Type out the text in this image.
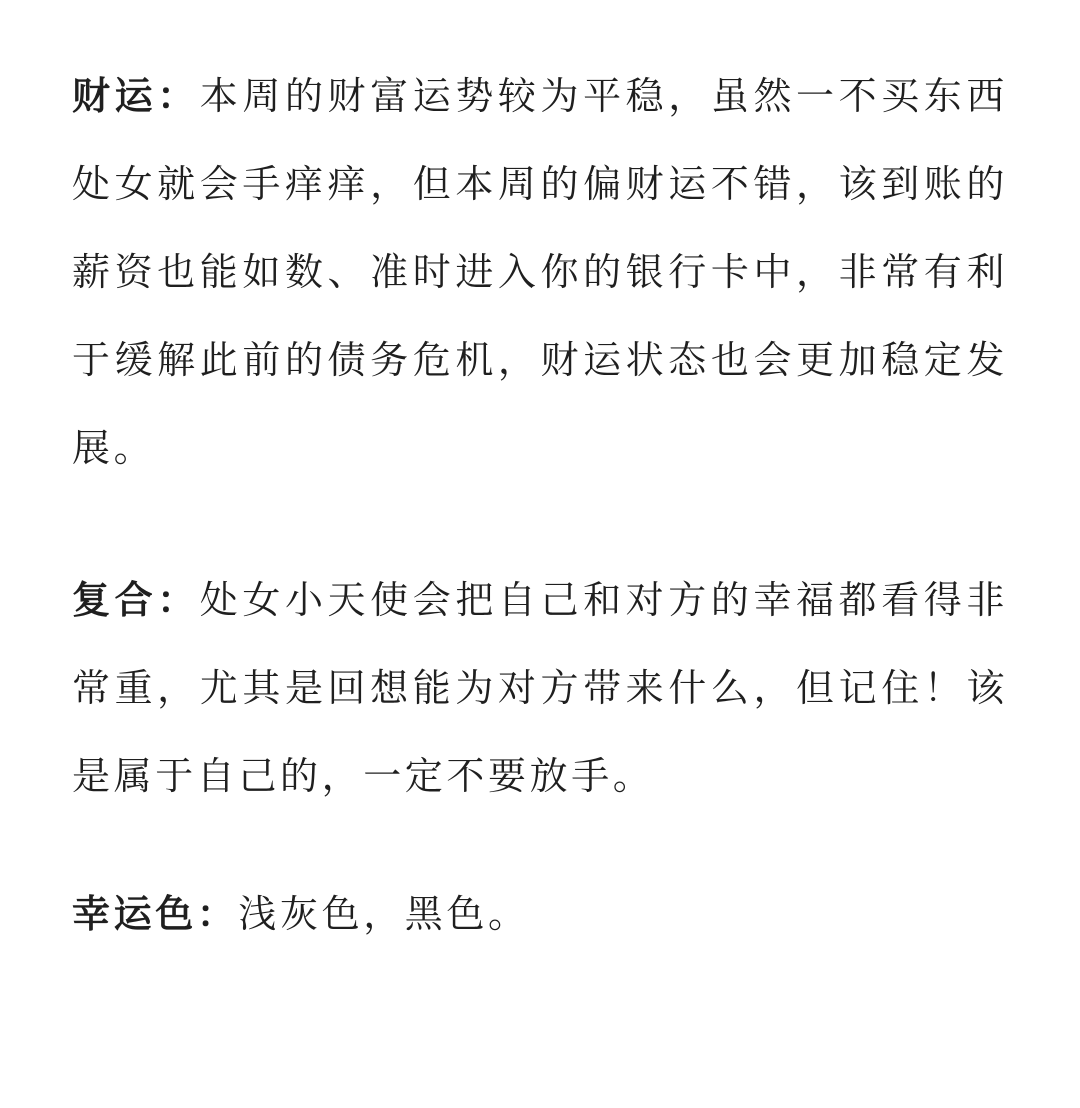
财运：本周的财富运势较为平稳，虽然一不买东西处女就会手痒痒，但本周的偏财运不错，该到账的薪资也能如数、准时进入你的银行卡中，非常有利于缓解此前的债务危机，财运状态也会更加稳定发展。

复合：处女小天使会把自己和对方的幸福都看得非常重，尤其是回想能为对方带来什么，但记住！该是属于自己的，一定不要放手。

幸运色：浅灰色，黑色。
